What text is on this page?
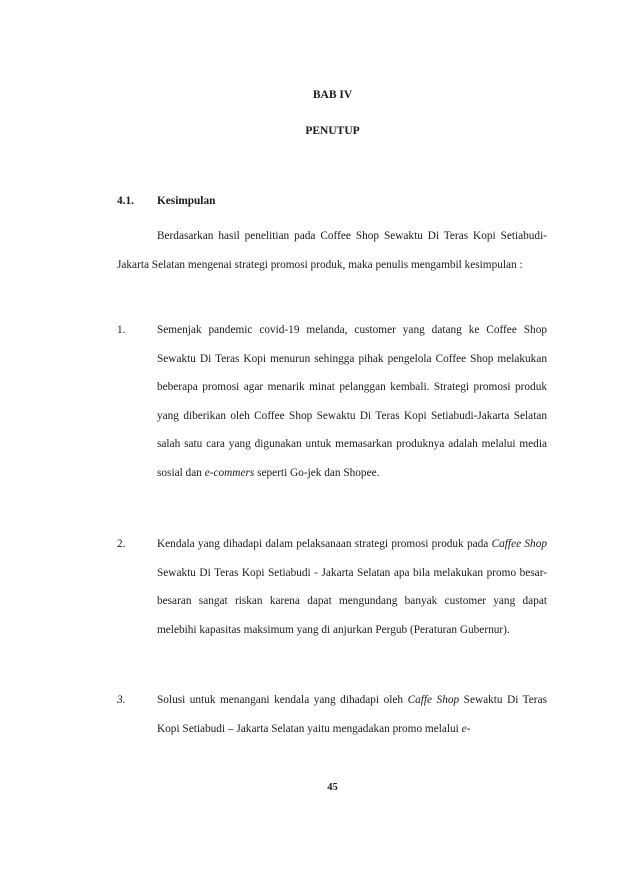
BAB IV
PENUTUP
4.1. Kesimpulan

Berdasarkan hasil penelitian pada Coffee Shop Sewaktu Di Teras Kopi Setiabudi-Jakarta Selatan mengenai strategi promosi produk, maka penulis mengambil kesimpulan :

1.	Semenjak pandemic covid-19 melanda, customer yang datang ke Coffee Shop Sewaktu Di Teras Kopi menurun sehingga pihak pengelola Coffee Shop melakukan beberapa promosi agar menarik minat pelanggan kembali. Strategi promosi produk yang diberikan oleh Coffee Shop Sewaktu Di Teras Kopi Setiabudi-Jakarta Selatan salah satu cara yang digunakan untuk memasarkan produknya adalah melalui media sosial dan e-commers seperti Go-jek dan Shopee.
2.	Kendala yang dihadapi dalam pelaksanaan strategi promosi produk pada Caffee Shop Sewaktu Di Teras Kopi Setiabudi - Jakarta Selatan apa bila melakukan promo besar-besaran sangat riskan karena dapat mengundang banyak customer yang dapat melebihi kapasitas maksimum yang di anjurkan Pergub (Peraturan Gubernur).
3.	Solusi untuk menangani kendala yang dihadapi oleh Caffe Shop Sewaktu Di Teras Kopi Setiabudi – Jakarta Selatan yaitu mengadakan promo melalui e-
45
